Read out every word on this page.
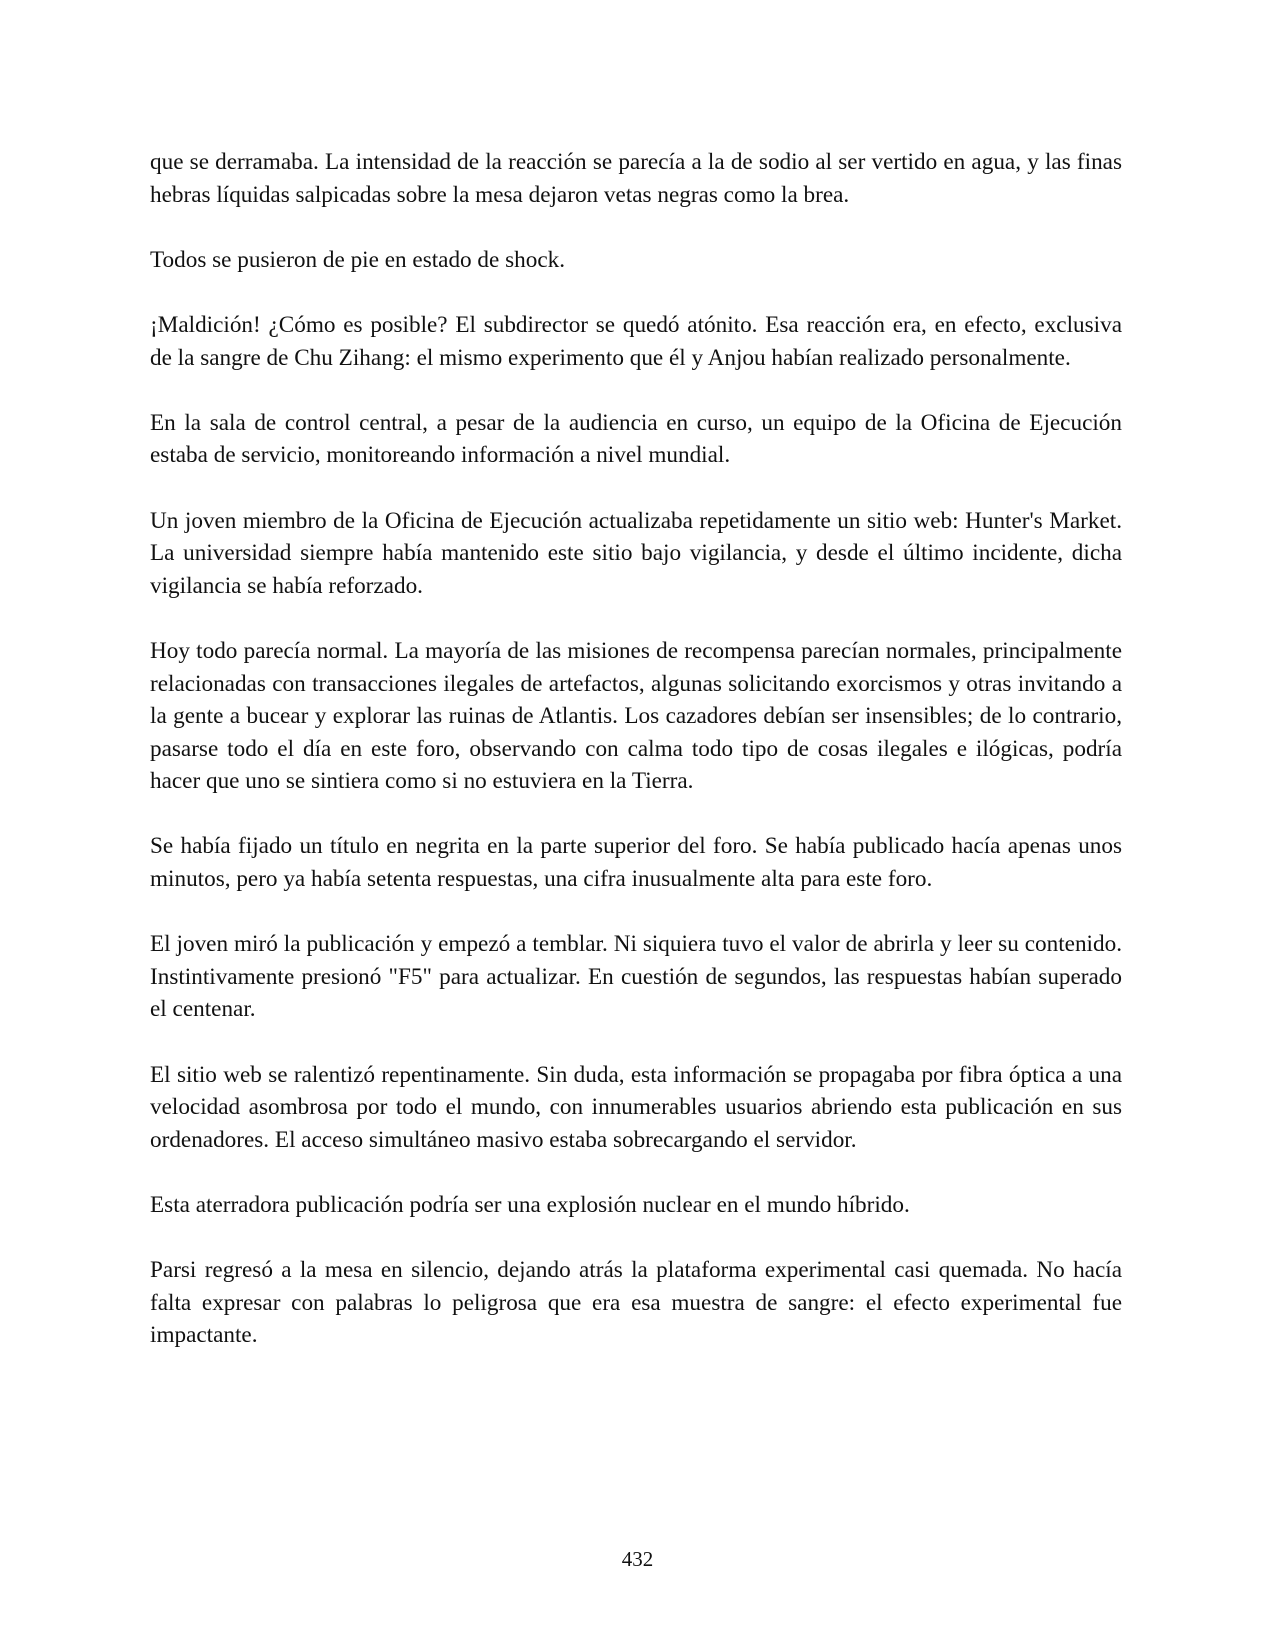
que se derramaba. La intensidad de la reacción se parecía a la de sodio al ser vertido en agua, y las finas hebras líquidas salpicadas sobre la mesa dejaron vetas negras como la brea.

Todos se pusieron de pie en estado de shock.

¡Maldición! ¿Cómo es posible? El subdirector se quedó atónito. Esa reacción era, en efecto, exclusiva de la sangre de Chu Zihang: el mismo experimento que él y Anjou habían realizado personalmente.

En la sala de control central, a pesar de la audiencia en curso, un equipo de la Oficina de Ejecución estaba de servicio, monitoreando información a nivel mundial.

Un joven miembro de la Oficina de Ejecución actualizaba repetidamente un sitio web: Hunter's Market. La universidad siempre había mantenido este sitio bajo vigilancia, y desde el último incidente, dicha vigilancia se había reforzado.

Hoy todo parecía normal. La mayoría de las misiones de recompensa parecían normales, principalmente relacionadas con transacciones ilegales de artefactos, algunas solicitando exorcismos y otras invitando a la gente a bucear y explorar las ruinas de Atlantis. Los cazadores debían ser insensibles; de lo contrario, pasarse todo el día en este foro, observando con calma todo tipo de cosas ilegales e ilógicas, podría hacer que uno se sintiera como si no estuviera en la Tierra.

Se había fijado un título en negrita en la parte superior del foro. Se había publicado hacía apenas unos minutos, pero ya había setenta respuestas, una cifra inusualmente alta para este foro.

El joven miró la publicación y empezó a temblar. Ni siquiera tuvo el valor de abrirla y leer su contenido. Instintivamente presionó "F5" para actualizar. En cuestión de segundos, las respuestas habían superado el centenar.

El sitio web se ralentizó repentinamente. Sin duda, esta información se propagaba por fibra óptica a una velocidad asombrosa por todo el mundo, con innumerables usuarios abriendo esta publicación en sus ordenadores. El acceso simultáneo masivo estaba sobrecargando el servidor.

Esta aterradora publicación podría ser una explosión nuclear en el mundo híbrido.

Parsi regresó a la mesa en silencio, dejando atrás la plataforma experimental casi quemada. No hacía falta expresar con palabras lo peligrosa que era esa muestra de sangre: el efecto experimental fue impactante.

432
